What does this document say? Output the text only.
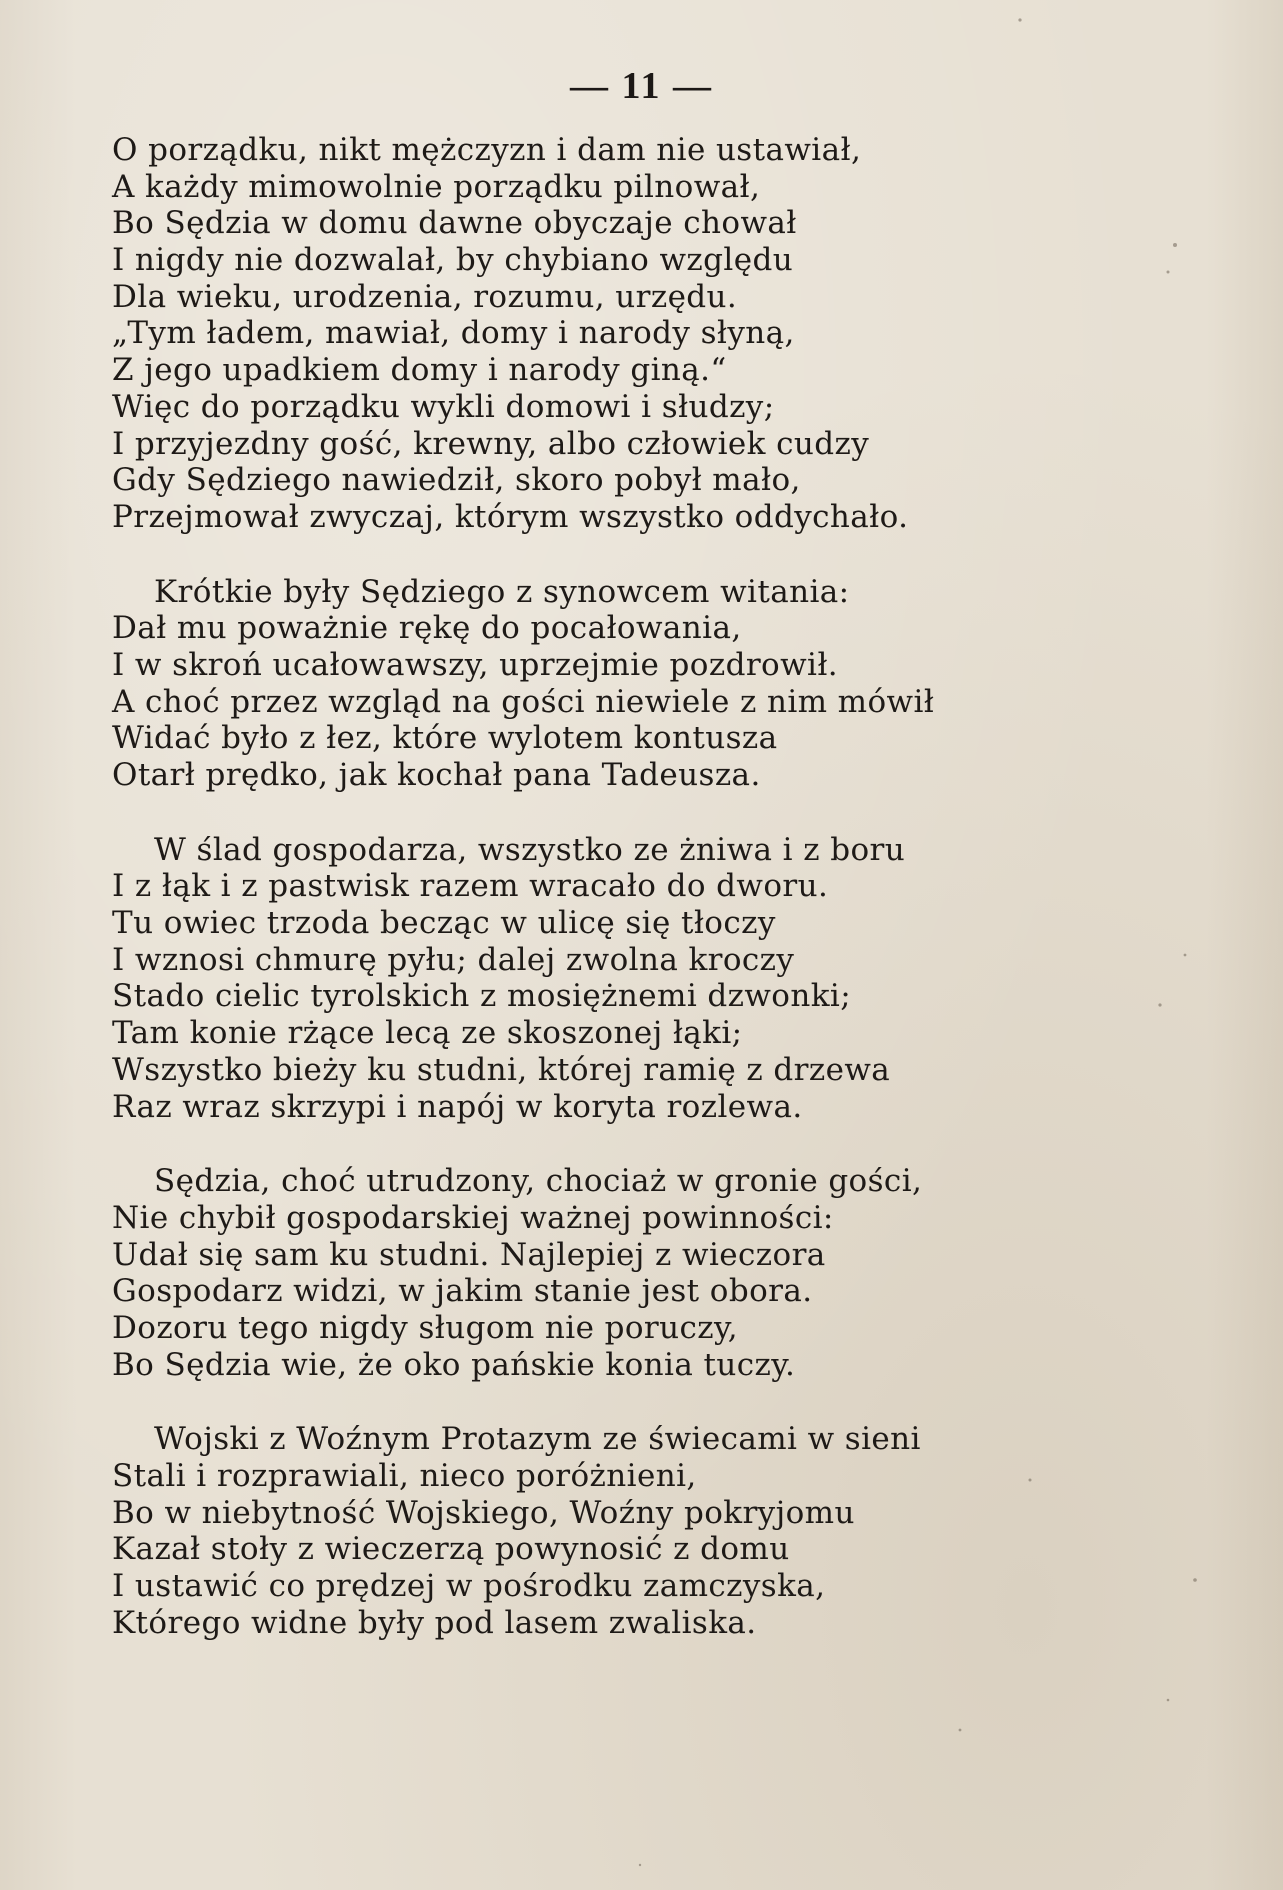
— 11 —
O porządku, nikt mężczyzn i dam nie ustawiał,
A każdy mimowolnie porządku pilnował,
Bo Sędzia w domu dawne obyczaje chował
I nigdy nie dozwalał, by chybiano względu
Dla wieku, urodzenia, rozumu, urzędu.
„Tym ładem, mawiał, domy i narody słyną,
Z jego upadkiem domy i narody giną.“
Więc do porządku wykli domowi i słudzy;
I przyjezdny gość, krewny, albo człowiek cudzy
Gdy Sędziego nawiedził, skoro pobył mało,
Przejmował zwyczaj, którym wszystko oddychało.
Krótkie były Sędziego z synowcem witania:
Dał mu poważnie rękę do pocałowania,
I w skroń ucałowawszy, uprzejmie pozdrowił.
A choć przez wzgląd na gości niewiele z nim mówił
Widać było z łez, które wylotem kontusza
Otarł prędko, jak kochał pana Tadeusza.
W ślad gospodarza, wszystko ze żniwa i z boru
I z łąk i z pastwisk razem wracało do dworu.
Tu owiec trzoda becząc w ulicę się tłoczy
I wznosi chmurę pyłu; dalej zwolna kroczy
Stado cielic tyrolskich z mosiężnemi dzwonki;
Tam konie rżące lecą ze skoszonej łąki;
Wszystko bieży ku studni, której ramię z drzewa
Raz wraz skrzypi i napój w koryta rozlewa.
Sędzia, choć utrudzony, chociaż w gronie gości,
Nie chybił gospodarskiej ważnej powinności:
Udał się sam ku studni. Najlepiej z wieczora
Gospodarz widzi, w jakim stanie jest obora.
Dozoru tego nigdy sługom nie poruczy,
Bo Sędzia wie, że oko pańskie konia tuczy.
Wojski z Woźnym Protazym ze świecami w sieni
Stali i rozprawiali, nieco poróżnieni,
Bo w niebytność Wojskiego, Woźny pokryjomu
Kazał stoły z wieczerzą powynosić z domu
I ustawić co prędzej w pośrodku zamczyska,
Którego widne były pod lasem zwaliska.
